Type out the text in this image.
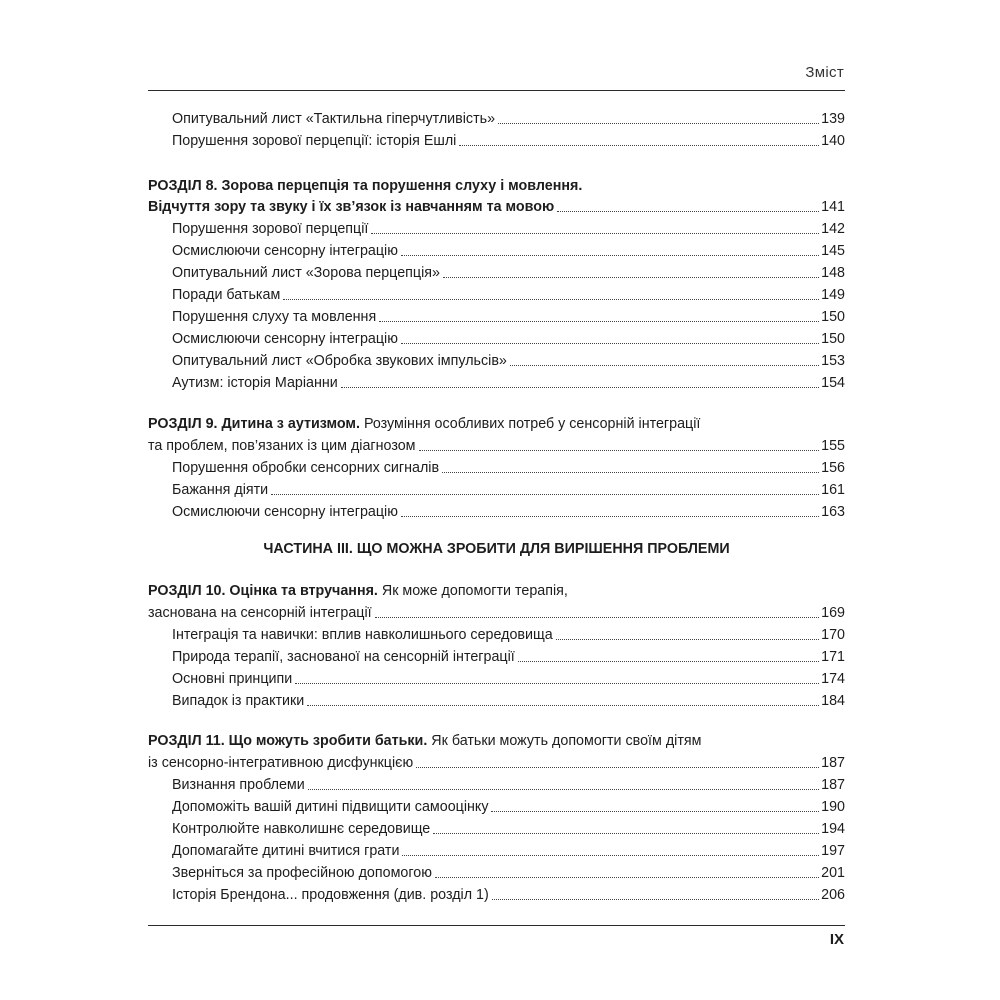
Зміст
Опитувальний лист «Тактильна гіперчутливість»	139
Порушення зорової перцепції: історія Ешлі	140
РОЗДІЛ 8. Зорова перцепція та порушення слуху і мовлення.
Відчуття зору та звуку і їх зв’язок із навчанням та мовою	141
Порушення зорової перцепції	142
Осмислюючи сенсорну інтеграцію	145
Опитувальний лист «Зорова перцепція»	148
Поради батькам	149
Порушення слуху та мовлення	150
Осмислюючи сенсорну інтеграцію	150
Опитувальний лист «Обробка звукових імпульсів»	153
Аутизм: історія Маріанни	154
РОЗДІЛ 9. Дитина з аутизмом. Розуміння особливих потреб у сенсорній інтеграції
та проблем, пов’язаних із цим діагнозом	155
Порушення обробки сенсорних сигналів	156
Бажання діяти	161
Осмислюючи сенсорну інтеграцію	163
ЧАСТИНА III. ЩО МОЖНА ЗРОБИТИ ДЛЯ ВИРІШЕННЯ ПРОБЛЕМИ
РОЗДІЛ 10. Оцінка та втручання. Як може допомогти терапія,
заснована на сенсорній інтеграції	169
Інтеграція та навички: вплив навколишнього середовища	170
Природа терапії, заснованої на сенсорній інтеграції	171
Основні принципи	174
Випадок із практики	184
РОЗДІЛ 11. Що можуть зробити батьки. Як батьки можуть допомогти своїм дітям
із сенсорно-інтегративною дисфункцією	187
Визнання проблеми	187
Допоможіть вашій дитині підвищити самооцінку	190
Контролюйте навколишнє середовище	194
Допомагайте дитині вчитися грати	197
Зверніться за професійною допомогою	201
Історія Брендона... продовження (див. розділ 1)	206
IX
